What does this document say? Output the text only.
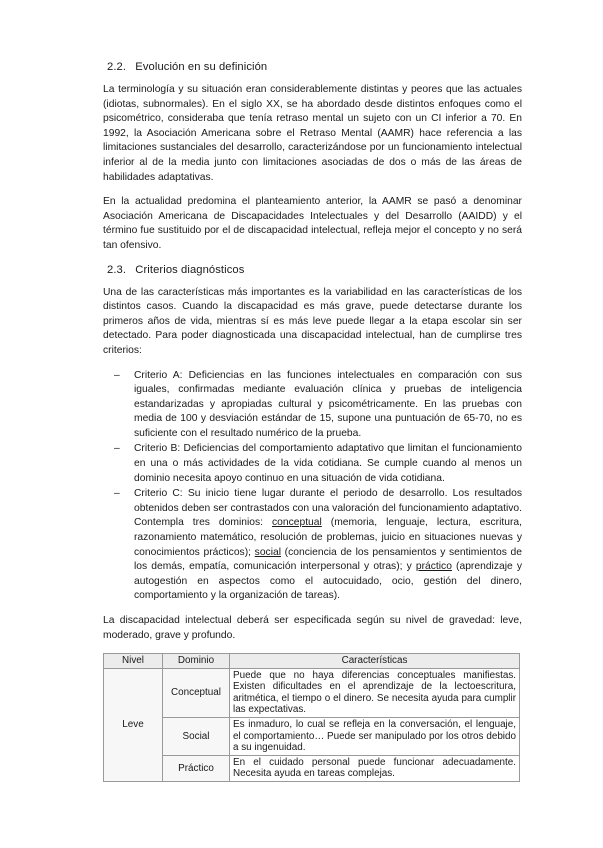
2.2. Evolución en su definición

La terminología y su situación eran considerablemente distintas y peores que las actuales (idiotas, subnormales). En el siglo XX, se ha abordado desde distintos enfoques como el psicométrico, consideraba que tenía retraso mental un sujeto con un CI inferior a 70. En 1992, la Asociación Americana sobre el Retraso Mental (AAMR) hace referencia a las limitaciones sustanciales del desarrollo, caracterizándose por un funcionamiento intelectual inferior al de la media junto con limitaciones asociadas de dos o más de las áreas de habilidades adaptativas.

En la actualidad predomina el planteamiento anterior, la AAMR se pasó a denominar Asociación Americana de Discapacidades Intelectuales y del Desarrollo (AAIDD) y el término fue sustituido por el de discapacidad intelectual, refleja mejor el concepto y no será tan ofensivo.

2.3. Criterios diagnósticos

Una de las características más importantes es la variabilidad en las características de los distintos casos. Cuando la discapacidad es más grave, puede detectarse durante los primeros años de vida, mientras sí es más leve puede llegar a la etapa escolar sin ser detectado. Para poder diagnosticada una discapacidad intelectual, han de cumplirse tres criterios:

– Criterio A: Deficiencias en las funciones intelectuales en comparación con sus iguales, confirmadas mediante evaluación clínica y pruebas de inteligencia estandarizadas y apropiadas cultural y psicométricamente. En las pruebas con media de 100 y desviación estándar de 15, supone una puntuación de 65-70, no es suficiente con el resultado numérico de la prueba.
– Criterio B: Deficiencias del comportamiento adaptativo que limitan el funcionamiento en una o más actividades de la vida cotidiana. Se cumple cuando al menos un dominio necesita apoyo continuo en una situación de vida cotidiana.
– Criterio C: Su inicio tiene lugar durante el periodo de desarrollo. Los resultados obtenidos deben ser contrastados con una valoración del funcionamiento adaptativo. Contempla tres dominios: conceptual (memoria, lenguaje, lectura, escritura, razonamiento matemático, resolución de problemas, juicio en situaciones nuevas y conocimientos prácticos); social (conciencia de los pensamientos y sentimientos de los demás, empatía, comunicación interpersonal y otras); y práctico (aprendizaje y autogestión en aspectos como el autocuidado, ocio, gestión del dinero, comportamiento y la organización de tareas).

La discapacidad intelectual deberá ser especificada según su nivel de gravedad: leve, moderado, grave y profundo.

Nivel	Dominio	Características
Leve	Conceptual	Puede que no haya diferencias conceptuales manifiestas. Existen dificultades en el aprendizaje de la lectoescritura, aritmética, el tiempo o el dinero. Se necesita ayuda para cumplir las expectativas.
	Social	Es inmaduro, lo cual se refleja en la conversación, el lenguaje, el comportamiento… Puede ser manipulado por los otros debido a su ingenuidad.
	Práctico	En el cuidado personal puede funcionar adecuadamente. Necesita ayuda en tareas complejas.
